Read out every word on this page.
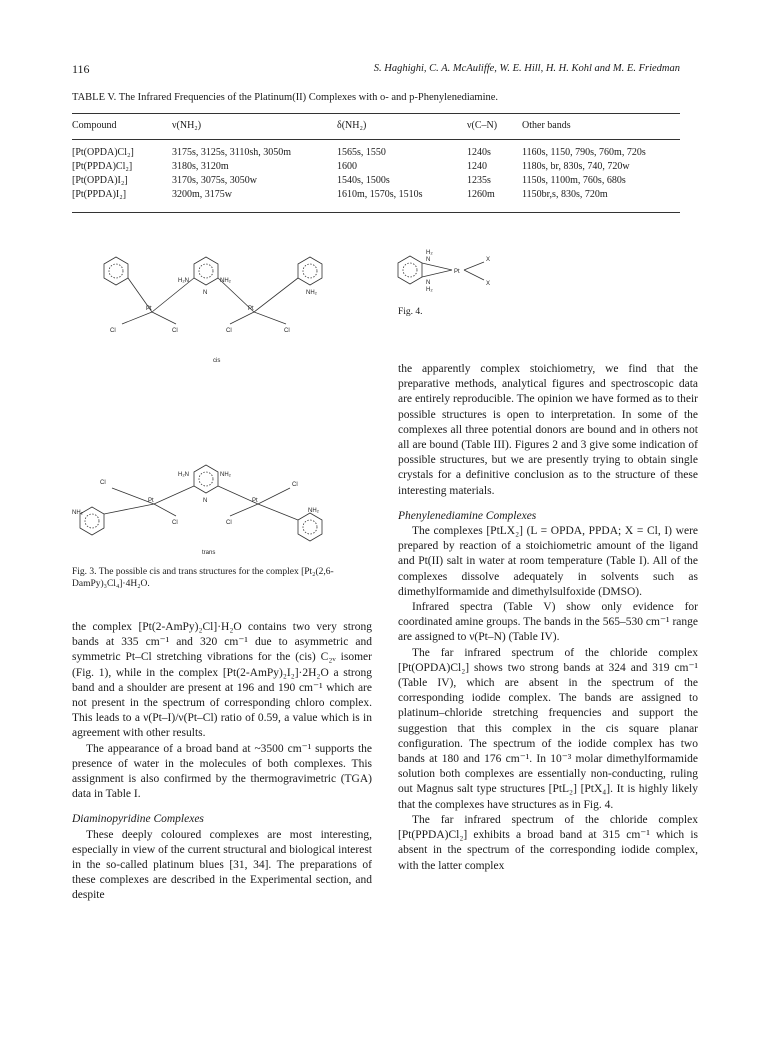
116	S. Haghighi, C. A. McAuliffe, W. E. Hill, H. H. Kohl and M. E. Friedman
TABLE V. The Infrared Frequencies of the Platinum(II) Complexes with o- and p-Phenylenediamine.
Compound	ν(NH₂)	δ(NH₂)	ν(C–N)	Other bands
[Pt(OPDA)Cl₂]	3175s, 3125s, 3110sh, 3050m	1565s, 1550	1240s	1160s, 1150, 790s, 760m, 720s
[Pt(PPDA)Cl₂]	3180s, 3120m	1600	1240	1180s, br, 830s, 740, 720w
[Pt(OPDA)I₂]	3170s, 3075s, 3050w	1540s, 1500s	1235s	1150s, 1100m, 760s, 680s
[Pt(PPDA)I₂]	3200m, 3175w	1610m, 1570s, 1510s	1260m	1150br,s, 830s, 720m
Pt	Pt
Cl	Cl	Cl	Cl
H₂N	NH₂
N	NH₂
cis
Pt	Pt
Cl	Cl
Cl	Cl
H₂N	NH₂
N
NH₂	NH₂
trans
Fig. 3. The possible cis and trans structures for the complex [Pt₂(2,6-DamPy)₃Cl₄]·4H₂O.
H₂
N
N
H₂
Pt
X
X
Fig. 4.

the complex [Pt(2-AmPy)₂Cl]·H₂O contains two very strong bands at 335 cm⁻¹ and 320 cm⁻¹ due to asymmetric and symmetric Pt–Cl stretching vibrations for the (cis) C₂ᵥ isomer (Fig. 1), while in the complex [Pt(2-AmPy)₂I₂]·2H₂O a strong band and a shoulder are present at 196 and 190 cm⁻¹ which are not present in the spectrum of corresponding chloro complex. This leads to a ν(Pt–I)/ν(Pt–Cl) ratio of 0.59, a value which is in agreement with other results.

The appearance of a broad band at ~3500 cm⁻¹ supports the presence of water in the molecules of both complexes. This assignment is also confirmed by the thermogravimetric (TGA) data in Table I.

Diaminopyridine Complexes

These deeply coloured complexes are most interesting, especially in view of the current structural and biological interest in the so-called platinum blues [31, 34]. The preparations of these complexes are described in the Experimental section, and despite

the apparently complex stoichiometry, we find that the preparative methods, analytical figures and spectroscopic data are entirely reproducible. The opinion we have formed as to their possible structures is open to interpretation. In some of the complexes all three potential donors are bound and in others not all are bound (Table III). Figures 2 and 3 give some indication of possible structures, but we are presently trying to obtain single crystals for a definitive conclusion as to the structure of these interesting materials.

Phenylenediamine Complexes

The complexes [PtLX₂] (L = OPDA, PPDA; X = Cl, I) were prepared by reaction of a stoichiometric amount of the ligand and Pt(II) salt in water at room temperature (Table I). All of the complexes dissolve adequately in solvents such as dimethylformamide and dimethylsulfoxide (DMSO).

Infrared spectra (Table V) show only evidence for coordinated amine groups. The bands in the 565–530 cm⁻¹ range are assigned to ν(Pt–N) (Table IV).

The far infrared spectrum of the chloride complex [Pt(OPDA)Cl₂] shows two strong bands at 324 and 319 cm⁻¹ (Table IV), which are absent in the spectrum of the corresponding iodide complex. The bands are assigned to platinum–chloride stretching frequencies and support the suggestion that this complex in the cis square planar configuration. The spectrum of the iodide complex has two bands at 180 and 176 cm⁻¹. In 10⁻³ molar dimethylformamide solution both complexes are essentially non-conducting, ruling out Magnus salt type structures [PtL₂] [PtX₄]. It is highly likely that the complexes have structures as in Fig. 4.

The far infrared spectrum of the chloride complex [Pt(PPDA)Cl₂] exhibits a broad band at 315 cm⁻¹ which is absent in the spectrum of the corresponding iodide complex, with the latter complex
